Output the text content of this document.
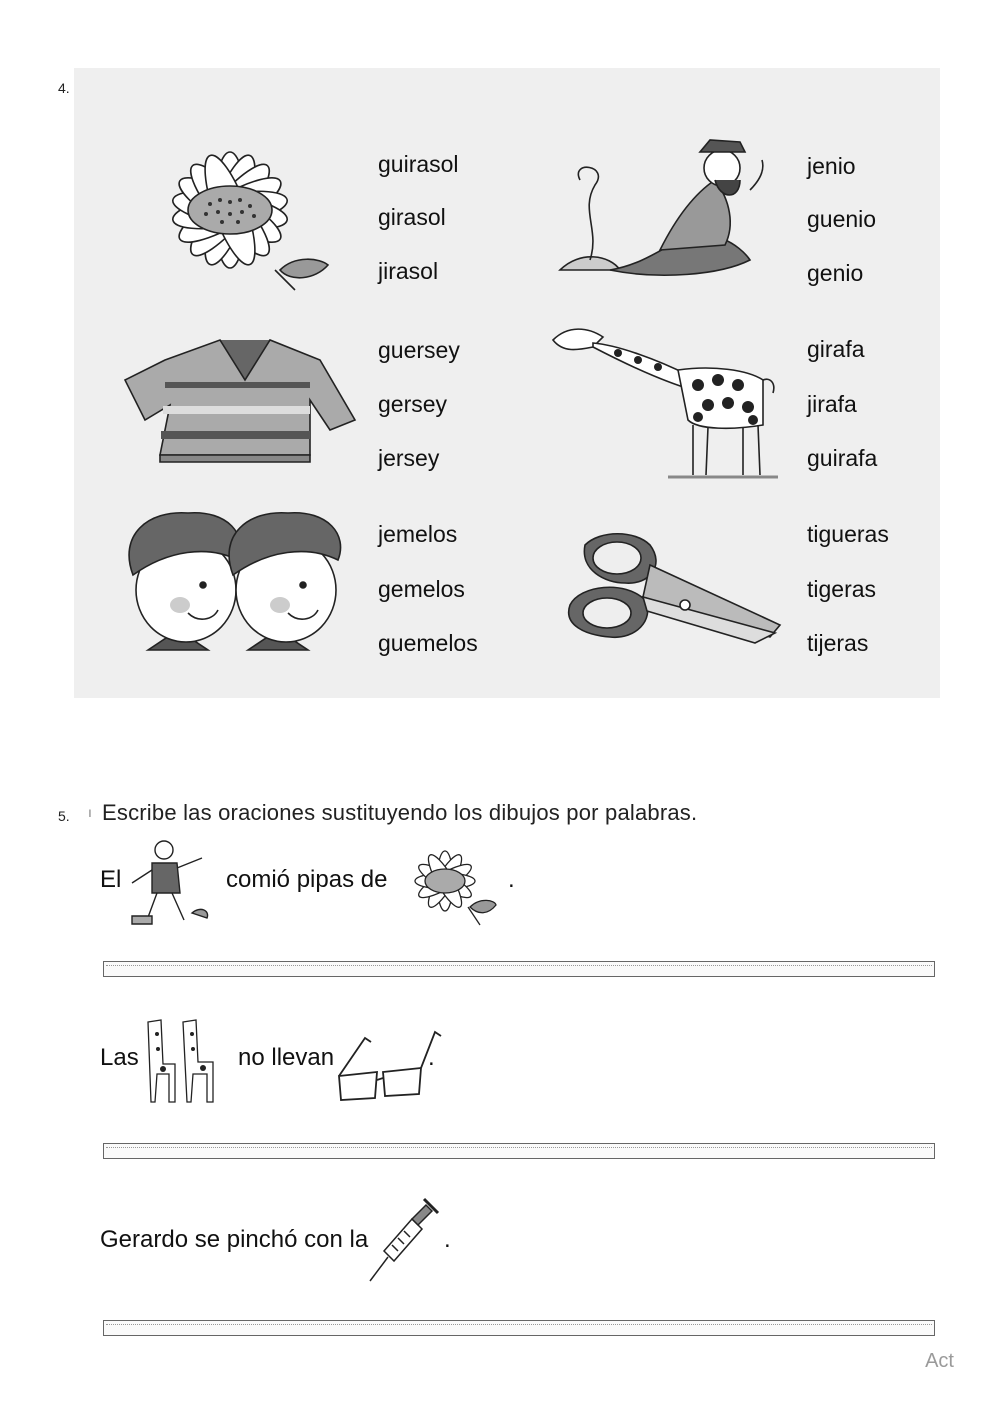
4.
guirasol
girasol
jirasol
jenio
guenio
genio
guersey
gersey
jersey
girafa
jirafa
guirafa
jemelos
gemelos
guemelos
tigueras
tigeras
tijeras
5. ı Escribe las oraciones sustituyendo los dibujos por palabras.
El	comió pipas de	.
Las	no llevan	.
Gerardo se pinchó con la	.
Act
